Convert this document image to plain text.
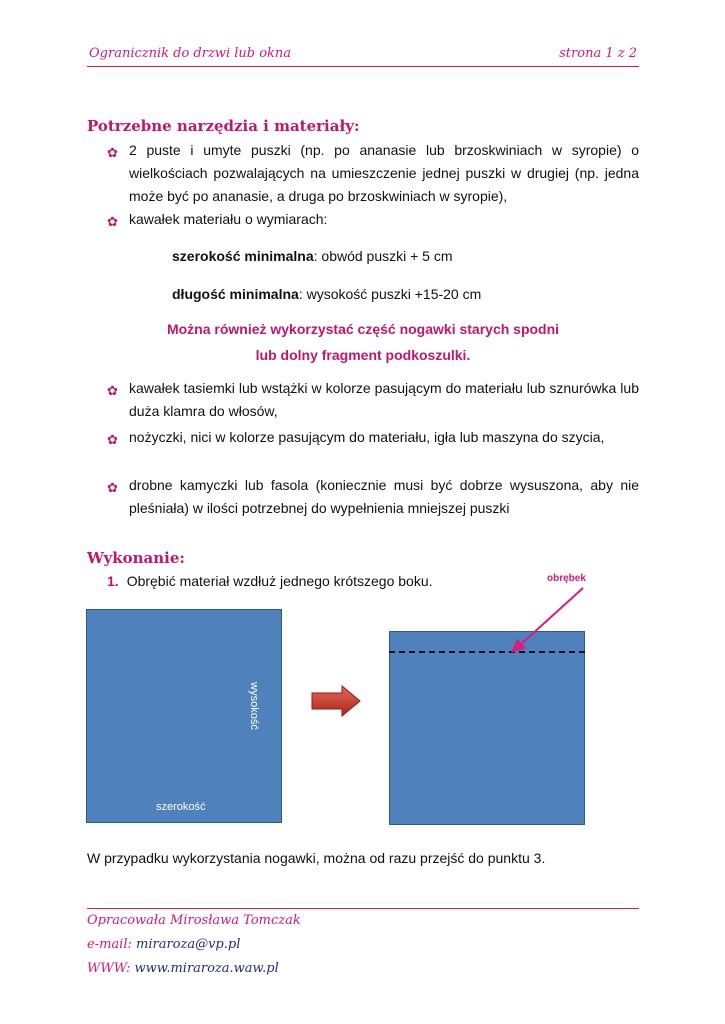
Ogranicznik do drzwi lub okna	strona 1 z 2
Potrzebne narzędzia i materiały:
✿ 2 puste i umyte puszki (np. po ananasie lub brzoskwiniach w syropie) o wielkościach pozwalających na umieszczenie jednej puszki w drugiej (np. jedna może być po ananasie, a druga po brzoskwiniach w syropie),
✿ kawałek materiału o wymiarach:
szerokość minimalna: obwód puszki + 5 cm
długość minimalna: wysokość puszki +15-20 cm
Można również wykorzystać część nogawki starych spodni
lub dolny fragment podkoszulki.
✿ kawałek tasiemki lub wstążki w kolorze pasującym do materiału lub sznurówka lub duża klamra do włosów,
✿ nożyczki, nici w kolorze pasującym do materiału, igła lub maszyna do szycia,
✿ drobne kamyczki lub fasola (koniecznie musi być dobrze wysuszona, aby nie pleśniała) w ilości potrzebnej do wypełnienia mniejszej puszki
Wykonanie:
1. Obrębić materiał wzdłuż jednego krótszego boku.
szerokość
wysokość
obrębek
W przypadku wykorzystania nogawki, można od razu przejść do punktu 3.
Opracowała Mirosława Tomczak
e-mail: miraroza@vp.pl
WWW: www.miraroza.waw.pl
